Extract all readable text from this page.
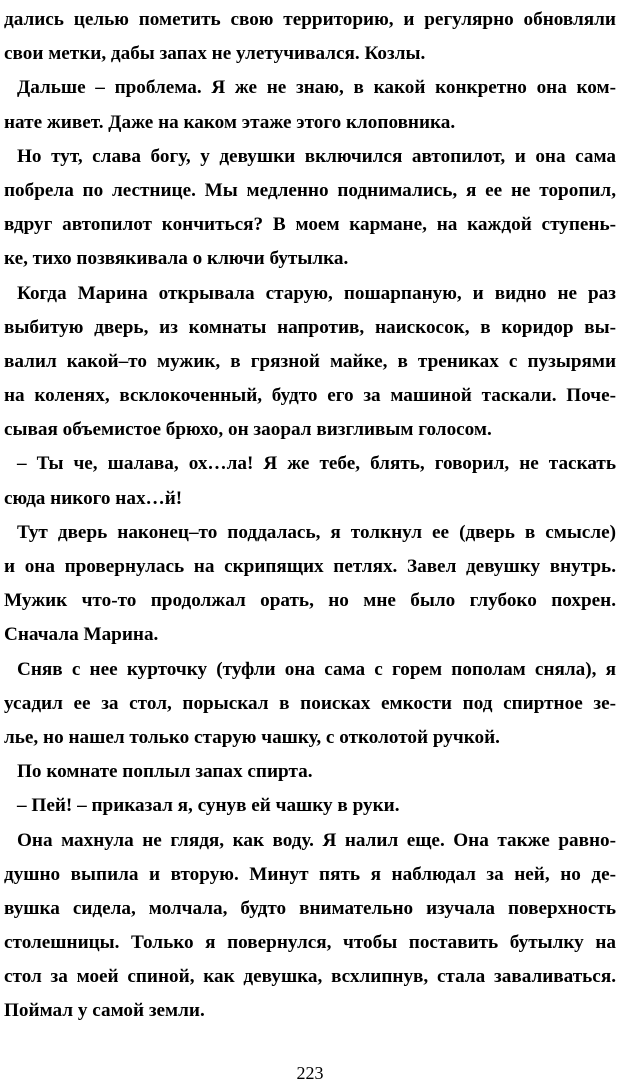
дались целью пометить свою территорию, и регулярно обновляли
свои метки, дабы запах не улетучивался. Козлы.
Дальше – проблема. Я же не знаю, в какой конкретно она ком-
нате живет. Даже на каком этаже этого клоповника.
Но тут, слава богу, у девушки включился автопилот, и она сама
побрела по лестнице. Мы медленно поднимались, я ее не торопил,
вдруг автопилот кончиться? В моем кармане, на каждой ступень-
ке, тихо позвякивала о ключи бутылка.
Когда Марина открывала старую, пошарпаную, и видно не раз
выбитую дверь, из комнаты напротив, наискосок, в коридор вы-
валил какой–то мужик, в грязной майке, в трениках с пузырями
на коленях, всклокоченный, будто его за машиной таскали. Поче-
сывая объемистое брюхо, он заорал визгливым голосом.
– Ты че, шалава, ох…ла! Я же тебе, блять, говорил, не таскать
сюда никого нах…й!
Тут дверь наконец–то поддалась, я толкнул ее (дверь в смысле)
и она провернулась на скрипящих петлях. Завел девушку внутрь.
Мужик что-то продолжал орать, но мне было глубоко похрен.
Сначала Марина.
Сняв с нее курточку (туфли она сама с горем пополам сняла), я
усадил ее за стол, порыскал в поисках емкости под спиртное зе-
лье, но нашел только старую чашку, с отколотой ручкой.
По комнате поплыл запах спирта.
– Пей! – приказал я, сунув ей чашку в руки.
Она махнула не глядя, как воду. Я налил еще. Она также равно-
душно выпила и вторую. Минут пять я наблюдал за ней, но де-
вушка сидела, молчала, будто внимательно изучала поверхность
столешницы. Только я повернулся, чтобы поставить бутылку на
стол за моей спиной, как девушка, всхлипнув, стала заваливаться.
Поймал у самой земли.
223
